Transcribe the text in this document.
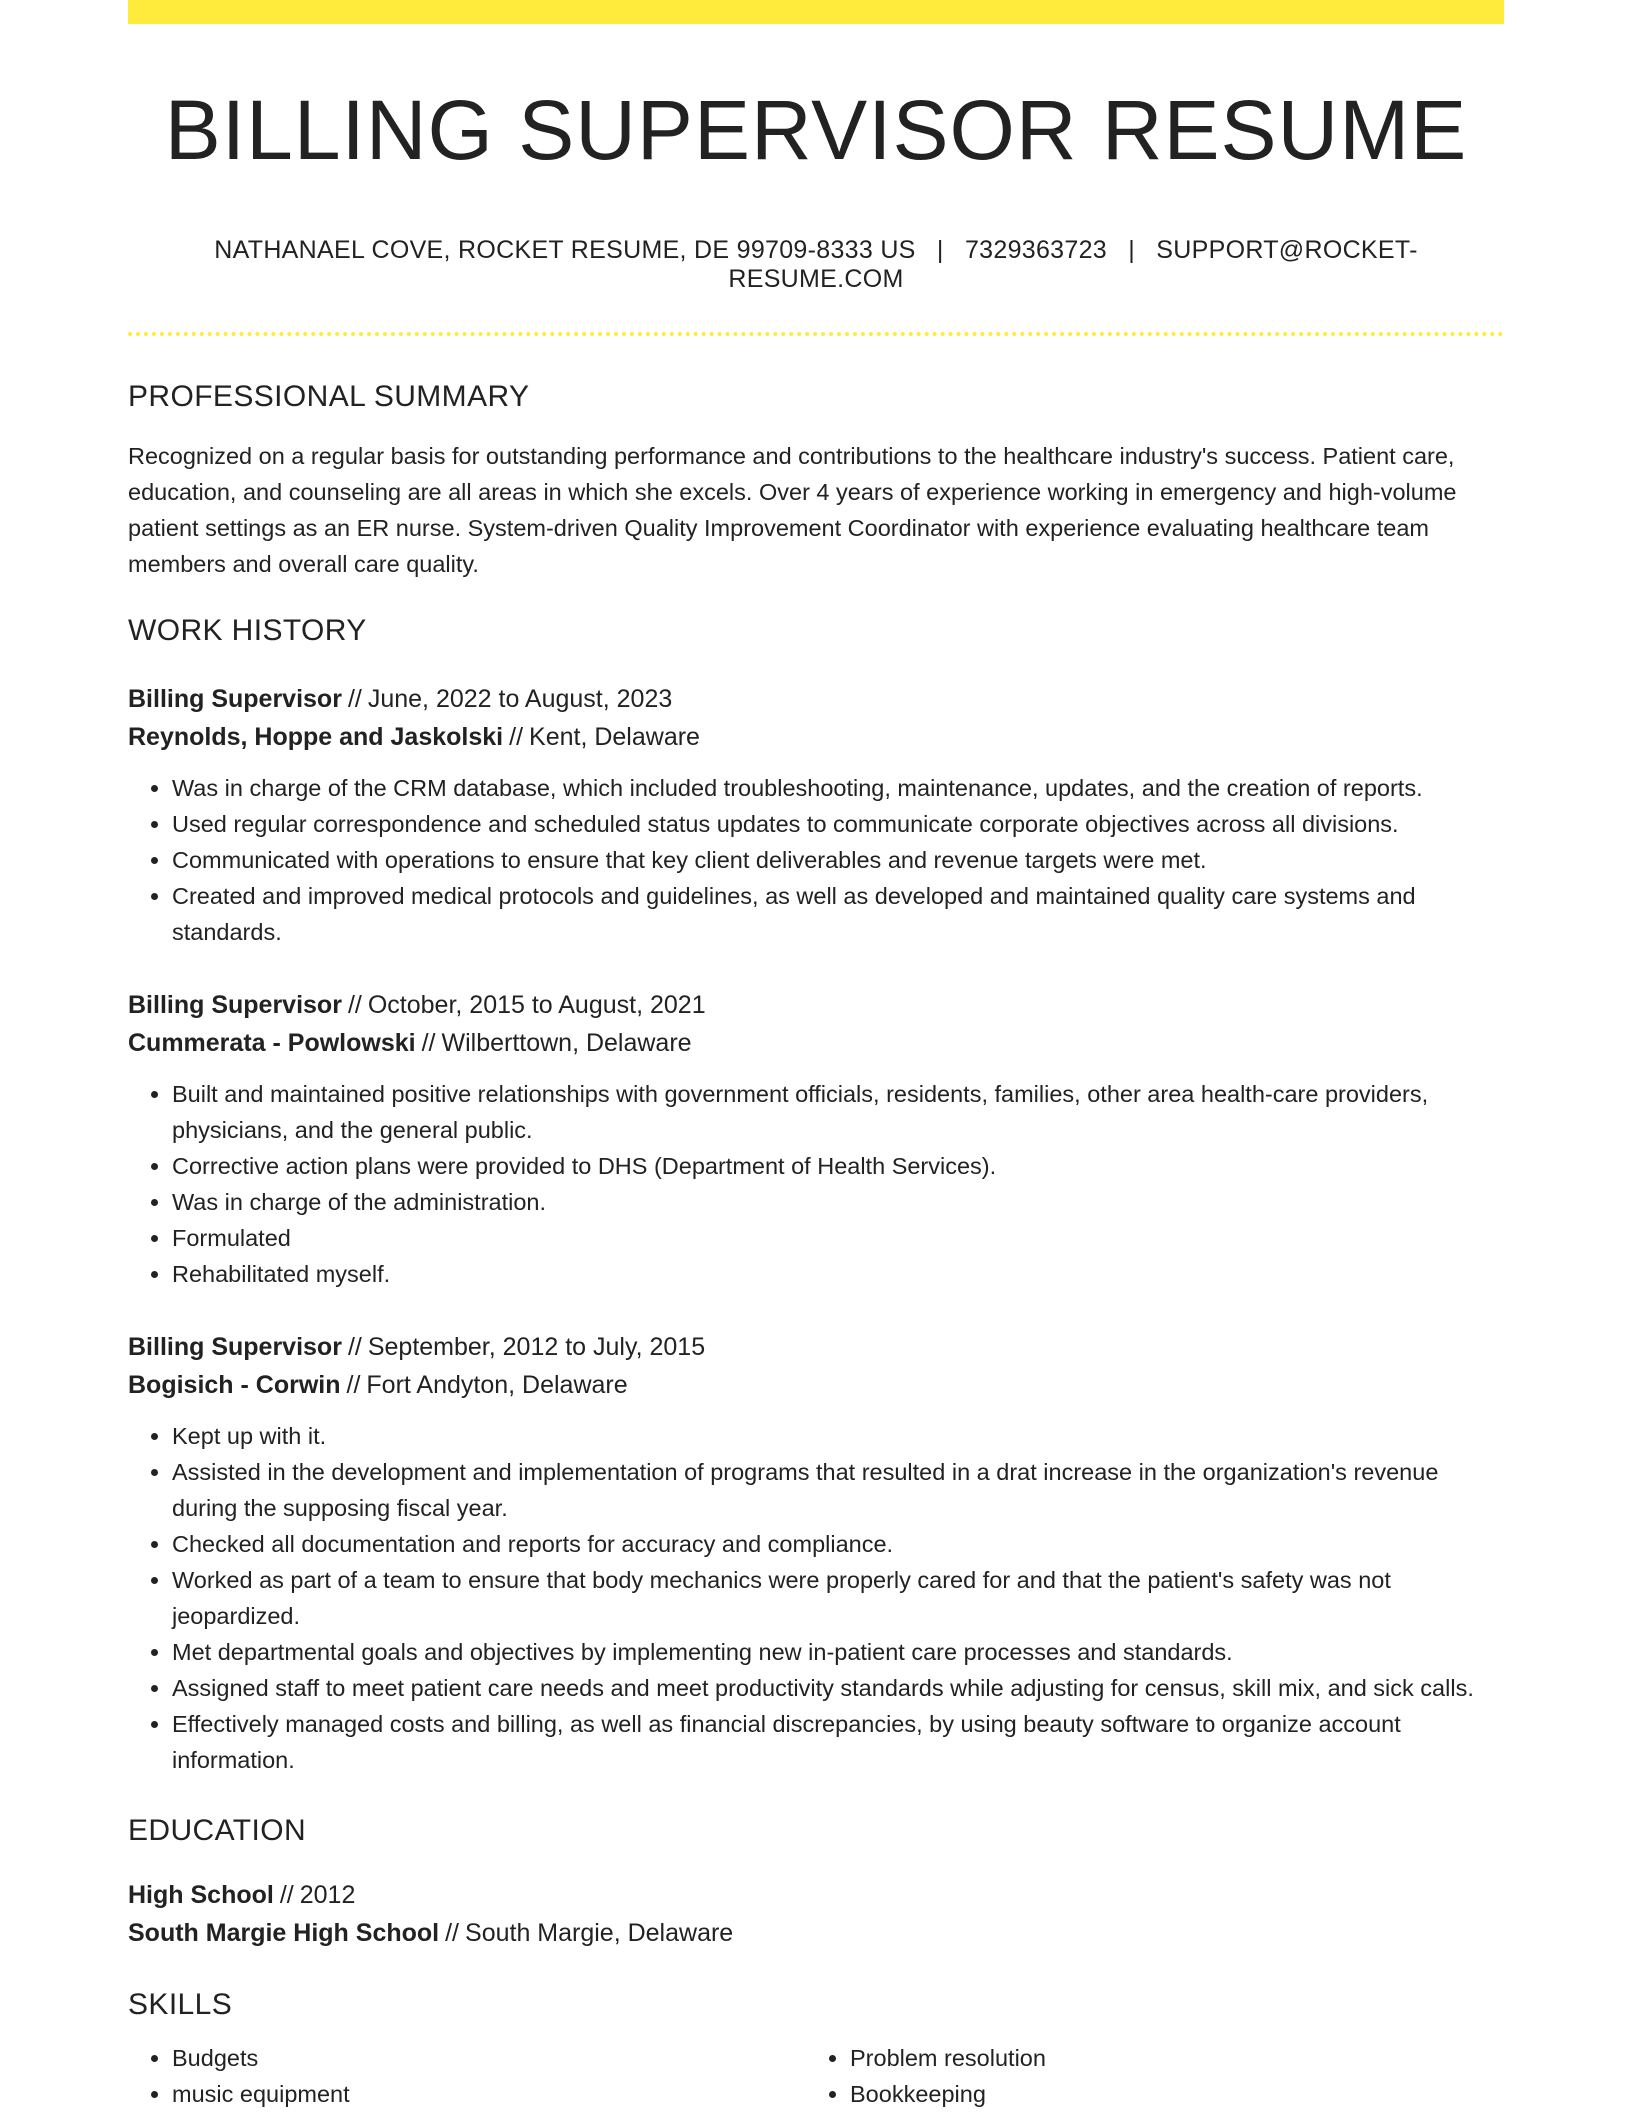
BILLING SUPERVISOR RESUME
NATHANAEL COVE, ROCKET RESUME, DE 99709-8333 US | 7329363723 | SUPPORT@ROCKET-RESUME.COM
PROFESSIONAL SUMMARY

Recognized on a regular basis for outstanding performance and contributions to the healthcare industry's success. Patient care, education, and counseling are all areas in which she excels. Over 4 years of experience working in emergency and high-volume patient settings as an ER nurse. System-driven Quality Improvement Coordinator with experience evaluating healthcare team members and overall care quality.

WORK HISTORY
Billing Supervisor // June, 2022 to August, 2023
Reynolds, Hoppe and Jaskolski // Kent, Delaware
• Was in charge of the CRM database, which included troubleshooting, maintenance, updates, and the creation of reports.
• Used regular correspondence and scheduled status updates to communicate corporate objectives across all divisions.
• Communicated with operations to ensure that key client deliverables and revenue targets were met.
• Created and improved medical protocols and guidelines, as well as developed and maintained quality care systems and standards.
Billing Supervisor // October, 2015 to August, 2021
Cummerata - Powlowski // Wilberttown, Delaware
• Built and maintained positive relationships with government officials, residents, families, other area health-care providers, physicians, and the general public.
• Corrective action plans were provided to DHS (Department of Health Services).
• Was in charge of the administration.
• Formulated
• Rehabilitated myself.
Billing Supervisor // September, 2012 to July, 2015
Bogisich - Corwin // Fort Andyton, Delaware
• Kept up with it.
• Assisted in the development and implementation of programs that resulted in a drat increase in the organization's revenue during the supposing fiscal year.
• Checked all documentation and reports for accuracy and compliance.
• Worked as part of a team to ensure that body mechanics were properly cared for and that the patient's safety was not jeopardized.
• Met departmental goals and objectives by implementing new in-patient care processes and standards.
• Assigned staff to meet patient care needs and meet productivity standards while adjusting for census, skill mix, and sick calls.
• Effectively managed costs and billing, as well as financial discrepancies, by using beauty software to organize account information.
EDUCATION
High School // 2012
South Margie High School // South Margie, Delaware
SKILLS
• Budgets
• music equipment
• Problem resolution
• Bookkeeping
